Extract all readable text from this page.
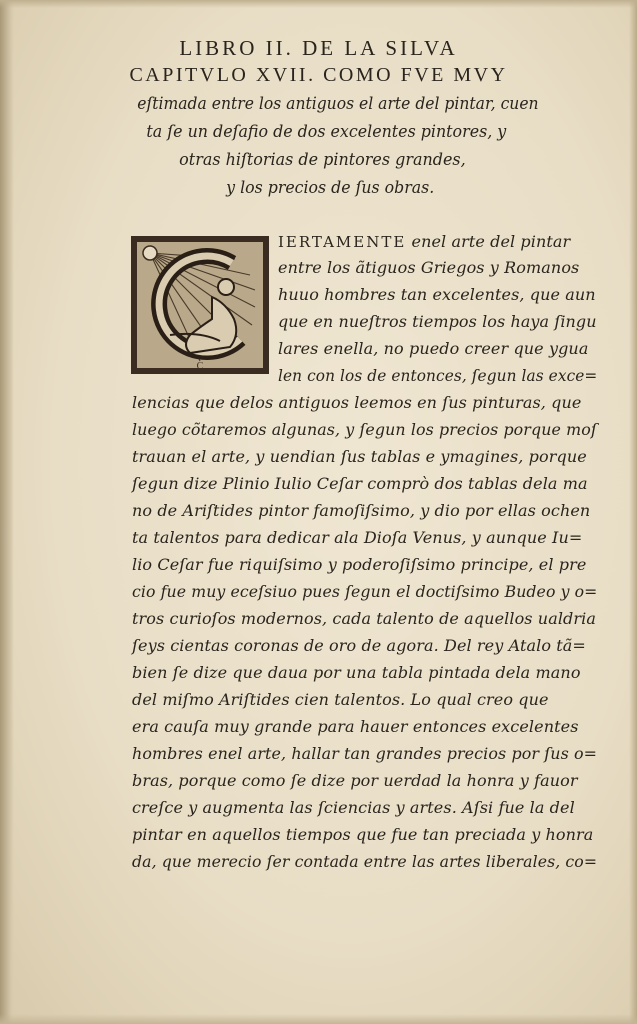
LIBRO II. DE LA SILVA
CAPITVLO XVII. COMO FVE MVY
eſtimada entre los antiguos el arte del pintar, cuen
ta ſe un deſafio de dos excelentes pintores, y
otras hiſtorias de pintores grandes,
y los precios de ſus obras.
C
IERTAMENTE enel arte del pintar
entre los ãtiguos Griegos y Romanos
huuo hombres tan excelentes, que aun
que en nueſtros tiempos los haya ſingu
lares enella, no puedo creer que ygua
len con los de entonces, ſegun las exce=
lencias que delos antiguos leemos en ſus pinturas, que
luego cõtaremos algunas, y ſegun los precios porque moſ
trauan el arte, y uendian ſus tablas e ymagines, porque
ſegun dize Plinio Iulio Ceſar comprò dos tablas dela ma
no de Ariſtides pintor famoſiſsimo, y dio por ellas ochen
ta talentos para dedicar ala Dioſa Venus, y aunque Iu=
lio Ceſar fue riquiſsimo y poderoſiſsimo principe, el pre
cio fue muy eceſsiuo pues ſegun el doctiſsimo Budeo y o=
tros curioſos modernos, cada talento de aquellos ualdria
ſeys cientas coronas de oro de agora. Del rey Atalo tã=
bien ſe dize que daua por una tabla pintada dela mano
del miſmo Ariſtides cien talentos. Lo qual creo que
era cauſa muy grande para hauer entonces excelentes
hombres enel arte, hallar tan grandes precios por ſus o=
bras, porque como ſe dize por uerdad la honra y fauor
creſce y augmenta las ſciencias y artes. Aſsi fue la del
pintar en aquellos tiempos que fue tan preciada y honra
da, que merecio ſer contada entre las artes liberales, co=
